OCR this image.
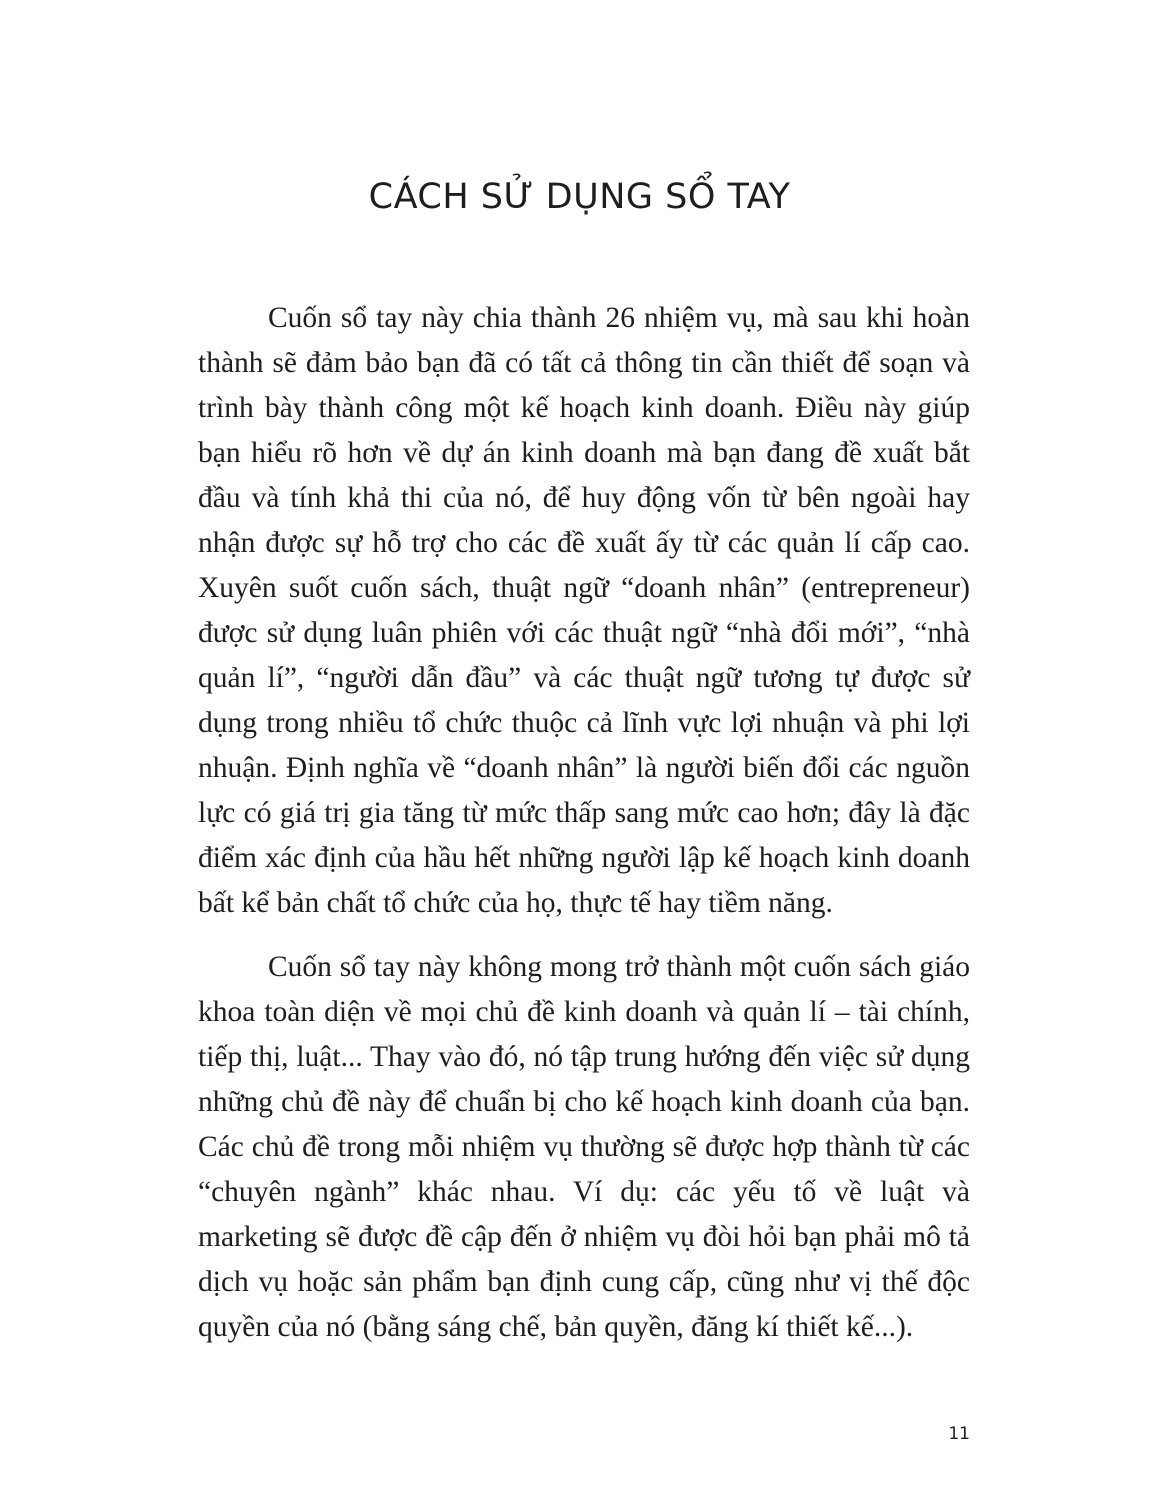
CÁCH SỬ DỤNG SỔ TAY

Cuốn sổ tay này chia thành 26 nhiệm vụ, mà sau khi hoàn thành sẽ đảm bảo bạn đã có tất cả thông tin cần thiết để soạn và trình bày thành công một kế hoạch kinh doanh. Điều này giúp bạn hiểu rõ hơn về dự án kinh doanh mà bạn đang đề xuất bắt đầu và tính khả thi của nó, để huy động vốn từ bên ngoài hay nhận được sự hỗ trợ cho các đề xuất ấy từ các quản lí cấp cao. Xuyên suốt cuốn sách, thuật ngữ “doanh nhân” (entrepreneur) được sử dụng luân phiên với các thuật ngữ “nhà đổi mới”, “nhà quản lí”, “người dẫn đầu” và các thuật ngữ tương tự được sử dụng trong nhiều tổ chức thuộc cả lĩnh vực lợi nhuận và phi lợi nhuận. Định nghĩa về “doanh nhân” là người biến đổi các nguồn lực có giá trị gia tăng từ mức thấp sang mức cao hơn; đây là đặc điểm xác định của hầu hết những người lập kế hoạch kinh doanh bất kể bản chất tổ chức của họ, thực tế hay tiềm năng.

Cuốn sổ tay này không mong trở thành một cuốn sách giáo khoa toàn diện về mọi chủ đề kinh doanh và quản lí – tài chính, tiếp thị, luật... Thay vào đó, nó tập trung hướng đến việc sử dụng những chủ đề này để chuẩn bị cho kế hoạch kinh doanh của bạn. Các chủ đề trong mỗi nhiệm vụ thường sẽ được hợp thành từ các “chuyên ngành” khác nhau. Ví dụ: các yếu tố về luật và marketing sẽ được đề cập đến ở nhiệm vụ đòi hỏi bạn phải mô tả dịch vụ hoặc sản phẩm bạn định cung cấp, cũng như vị thế độc quyền của nó (bằng sáng chế, bản quyền, đăng kí thiết kế...).

11
